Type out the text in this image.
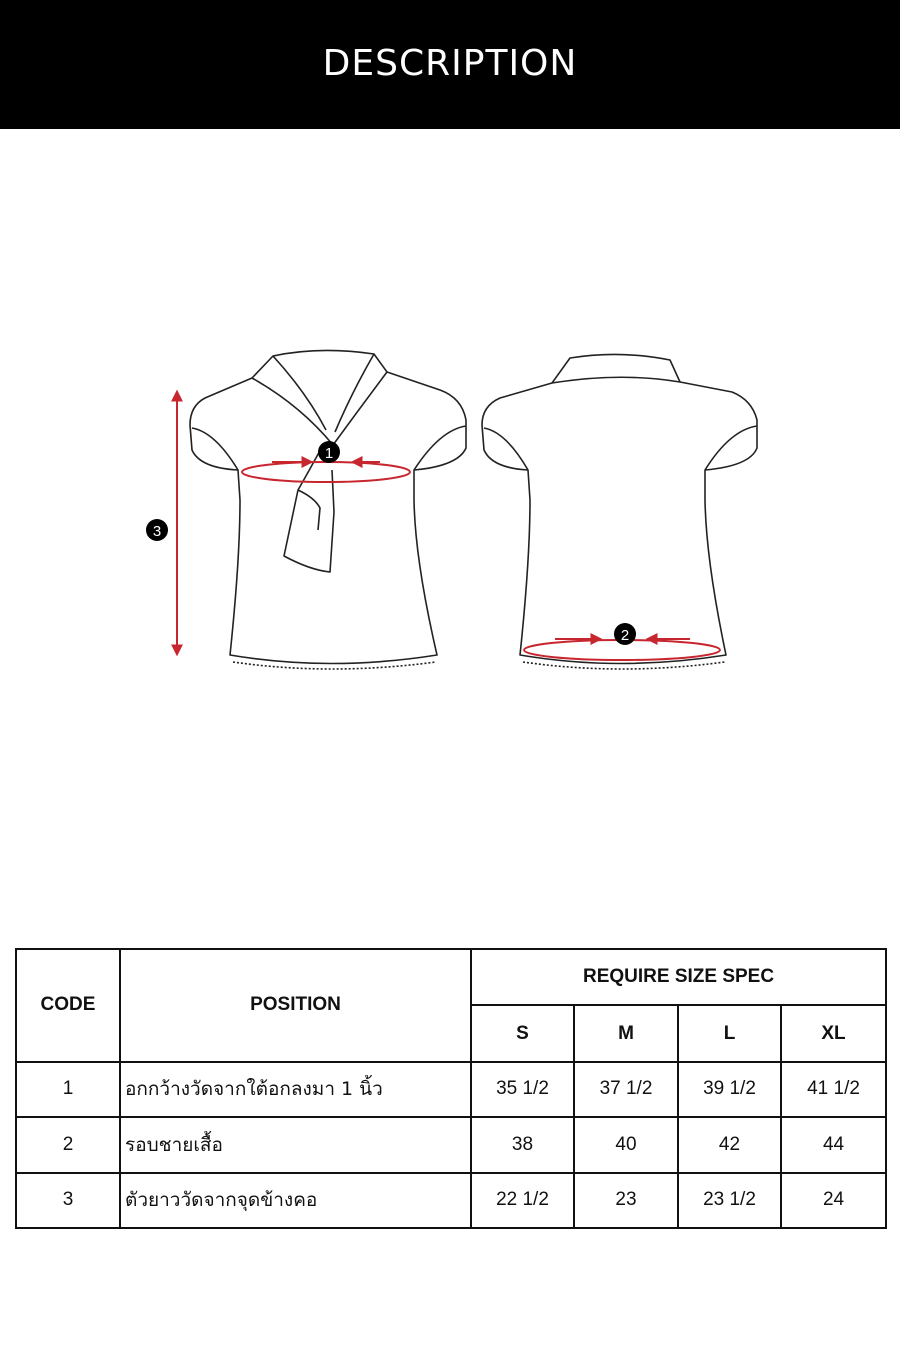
DESCRIPTION
1
2
3
CODE	POSITION	REQUIRE SIZE SPEC			
		S	M	L	XL
1	อกกว้างวัดจากใต้อกลงมา 1 นิ้ว	35 1/2	37 1/2	39 1/2	41 1/2
2	รอบชายเสื้อ	38	40	42	44
3	ตัวยาววัดจากจุดข้างคอ	22 1/2	23	23 1/2	24
